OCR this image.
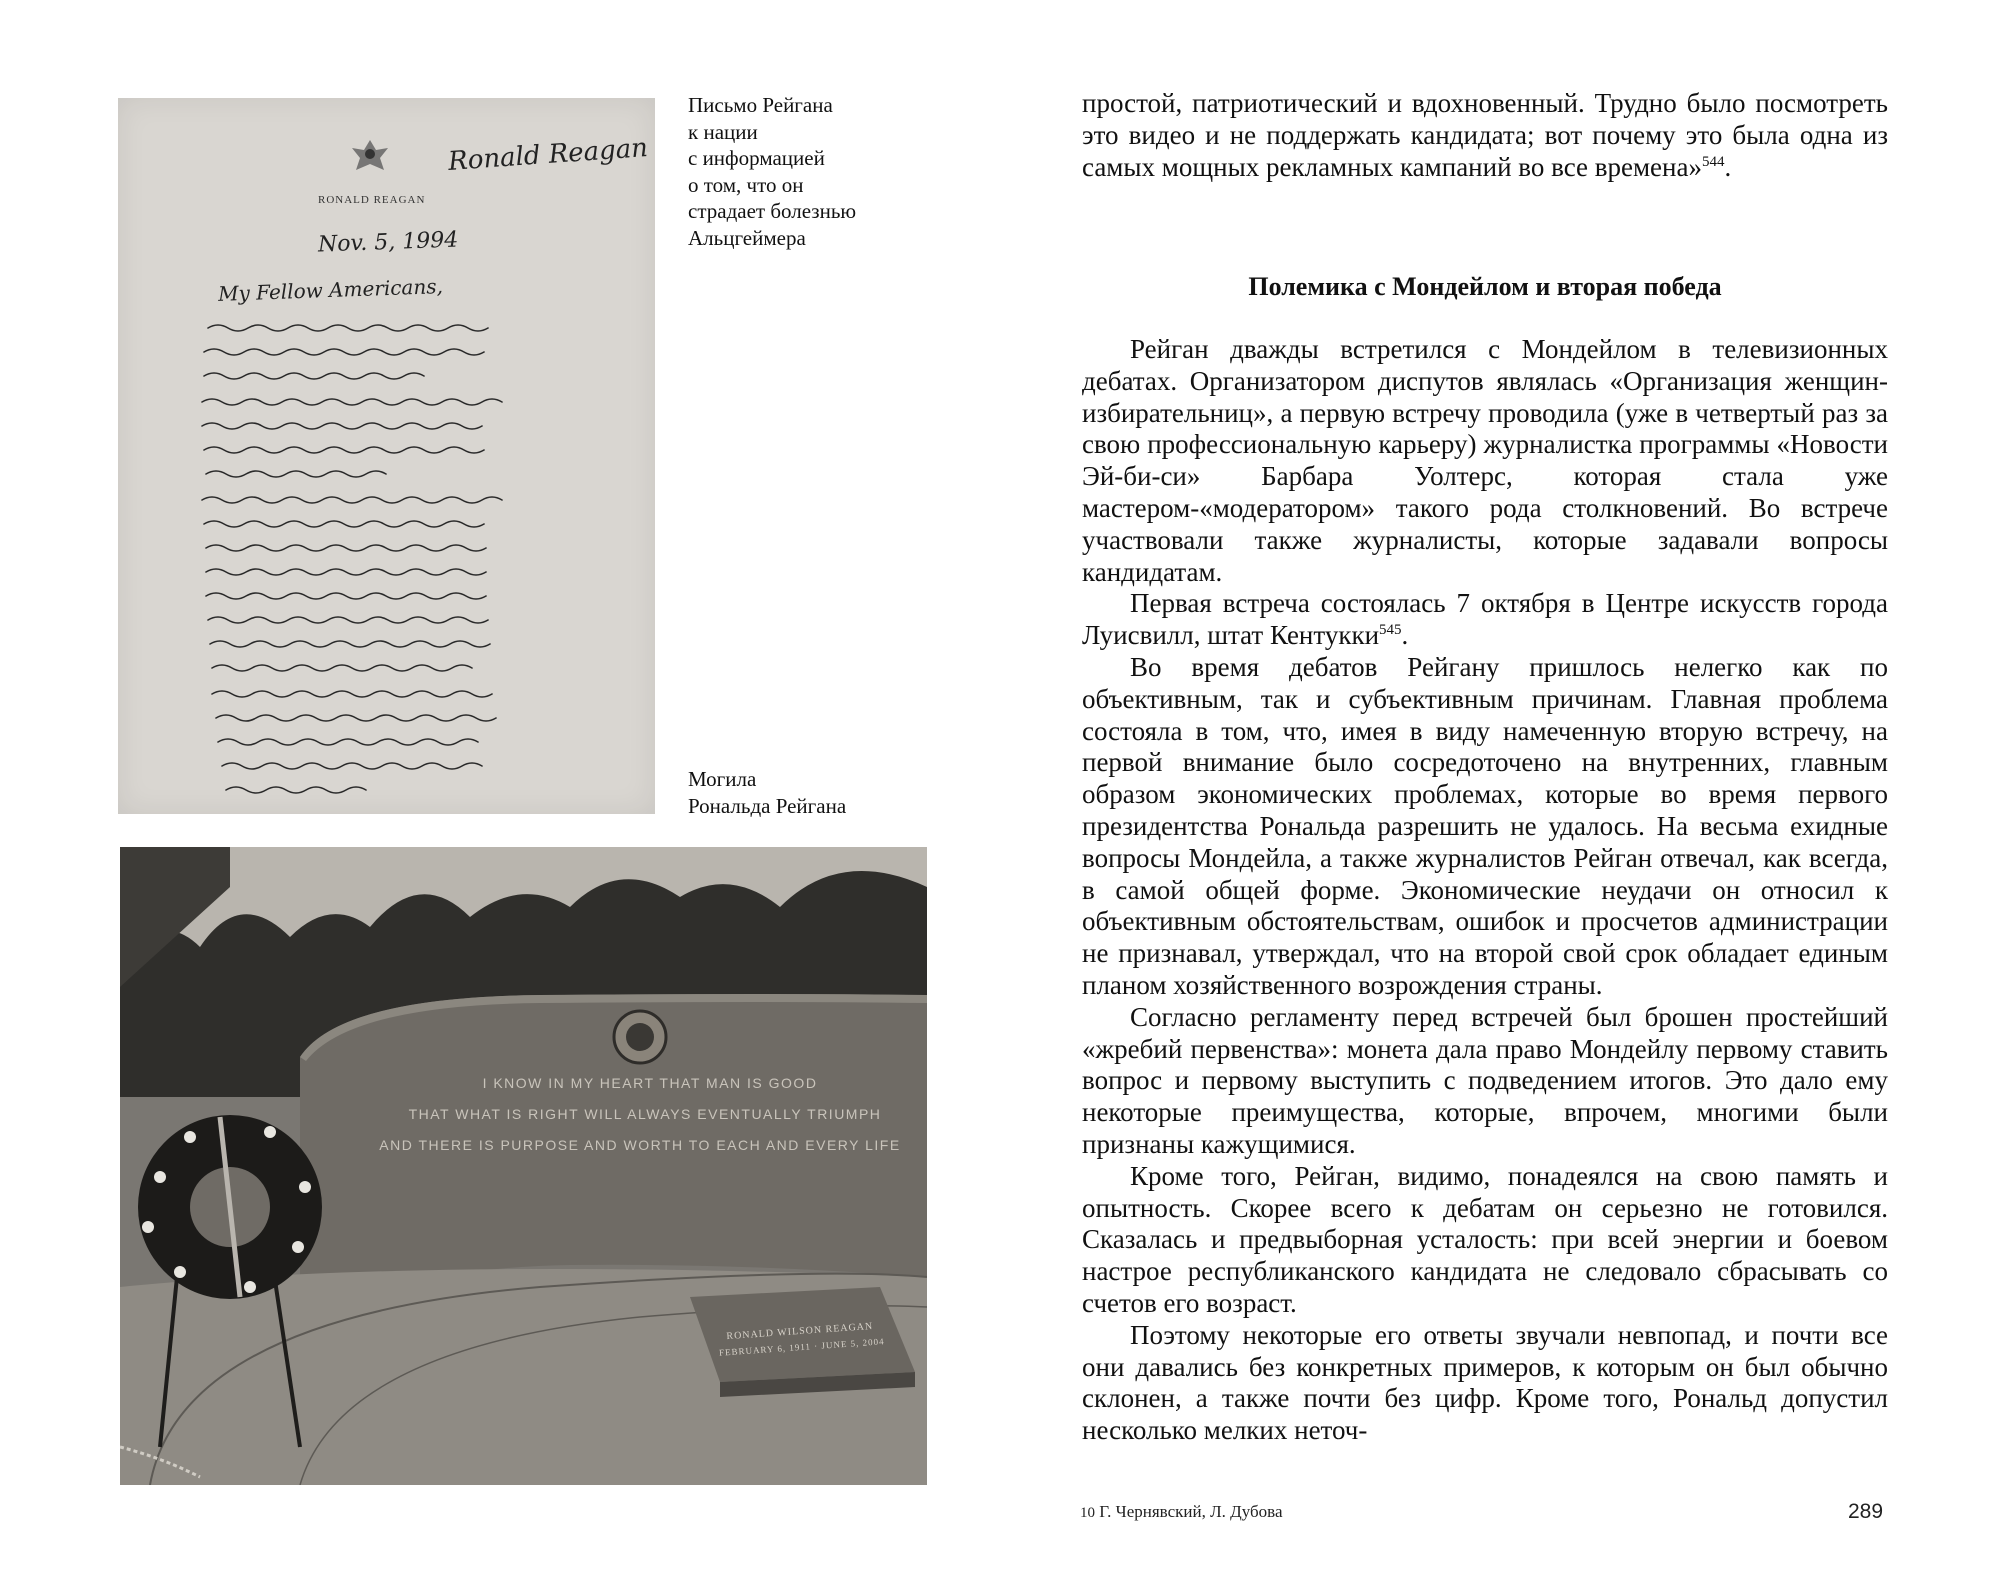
RONALD REAGAN
Ronald Reagan
Nov. 5, 1994
My Fellow Americans,
Письмо Рейгана
к нации
с информацией
о том, что он
страдает болезнью
Альцгеймера
Могила
Рональда Рейгана
I KNOW IN MY HEART THAT MAN IS GOOD
THAT WHAT IS RIGHT WILL ALWAYS EVENTUALLY TRIUMPH
AND THERE IS PURPOSE AND WORTH TO EACH AND EVERY LIFE
RONALD WILSON REAGAN
FEBRUARY 6, 1911 · JUNE 5, 2004

простой, патриотический и вдохновенный. Трудно было посмотреть это видео и не поддержать кандидата; вот почему это была одна из самых мощных рекламных кампаний во все времена»$^{544}$.

Полемика с Мондейлом и вторая победа

Рейган дважды встретился с Мондейлом в телевизионных дебатах. Организатором диспутов являлась «Организация женщин-избирательниц», а первую встречу проводила (уже в четвертый раз за свою профессиональную карьеру) журналистка программы «Новости Эй-би-си» Барбара Уолтерс, которая стала уже мастером-«модератором» такого рода столкновений. Во встрече участвовали также журналисты, которые задавали вопросы кандидатам.

Первая встреча состоялась 7 октября в Центре искусств города Луисвилл, штат Кентукки$^{545}$.

Во время дебатов Рейгану пришлось нелегко как по объективным, так и субъективным причинам. Главная проблема состояла в том, что, имея в виду намеченную вторую встречу, на первой внимание было сосредоточено на внутренних, главным образом экономических проблемах, которые во время первого президентства Рональда разрешить не удалось. На весьма ехидные вопросы Мондейла, а также журналистов Рейган отвечал, как всегда, в самой общей форме. Экономические неудачи он относил к объективным обстоятельствам, ошибок и просчетов администрации не признавал, утверждал, что на второй свой срок обладает единым планом хозяйственного возрождения страны.

Согласно регламенту перед встречей был брошен простейший «жребий первенства»: монета дала право Мондейлу первому ставить вопрос и первому выступить с подведением итогов. Это дало ему некоторые преимущества, которые, впрочем, многими были признаны кажущимися.

Кроме того, Рейган, видимо, понадеялся на свою память и опытность. Скорее всего к дебатам он серьезно не готовился. Сказалась и предвыборная усталость: при всей энергии и боевом настрое республиканского кандидата не следовало сбрасывать со счетов его возраст.

Поэтому некоторые его ответы звучали невпопад, и почти все они давались без конкретных примеров, к которым он был обычно склонен, а также почти без цифр. Кроме того, Рональд допустил несколько мелких неточ-

10 Г. Чернявский, Л. Дубова	289
